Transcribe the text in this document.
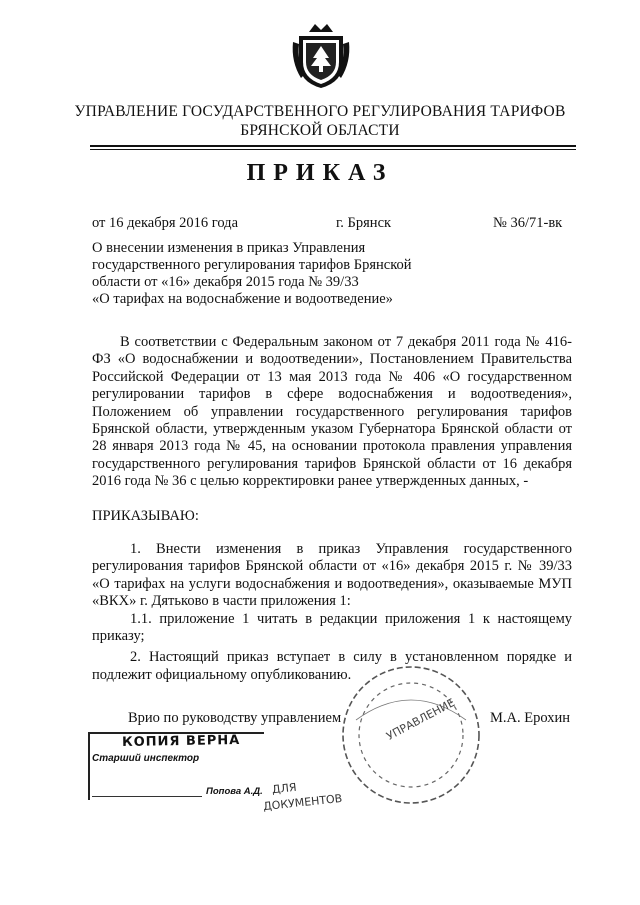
УПРАВЛЕНИЕ ГОСУДАРСТВЕННОГО РЕГУЛИРОВАНИЯ ТАРИФОВ
БРЯНСКОЙ ОБЛАСТИ
ПРИКАЗ
от 16 декабря 2016 года	г. Брянск	№ 36/71-вк
О внесении изменения в приказ Управления
государственного регулирования тарифов Брянской
области от «16» декабря 2015 года № 39/33
«О тарифах на водоснабжение и водоотведение»

В соответствии с Федеральным законом от 7 декабря 2011 года № 416-ФЗ «О водоснабжении и водоотведении», Постановлением Правительства Российской Федерации от 13 мая 2013 года № 406 «О государственном регулировании тарифов в сфере водоснабжения и водоотведения», Положением об управлении государственного регулирования тарифов Брянской области, утвержденным указом Губернатора Брянской области от 28 января 2013 года № 45, на основании протокола правления управления государственного регулирования тарифов Брянской области от 16 декабря 2016 года № 36 с целью корректировки ранее утвержденных данных, -

ПРИКАЗЫВАЮ:

1. Внести изменения в приказ Управления государственного регулирования тарифов Брянской области от «16» декабря 2015 г. № 39/33 «О тарифах на услуги водоснабжения и водоотведения», оказываемые МУП «ВКХ» г. Дятьково в части приложения 1:

1.1. приложение 1 читать в редакции приложения 1 к настоящему приказу;

2. Настоящий приказ вступает в силу в установленном порядке и подлежит официальному опубликованию.

Врио по руководству управлением	М.А. Ерохин
УПРАВЛЕНИЕ
КОПИЯ ВЕРНА
Старший инспектор
Попова А.Д. ДЛЯ
ДОКУМЕНТОВ
